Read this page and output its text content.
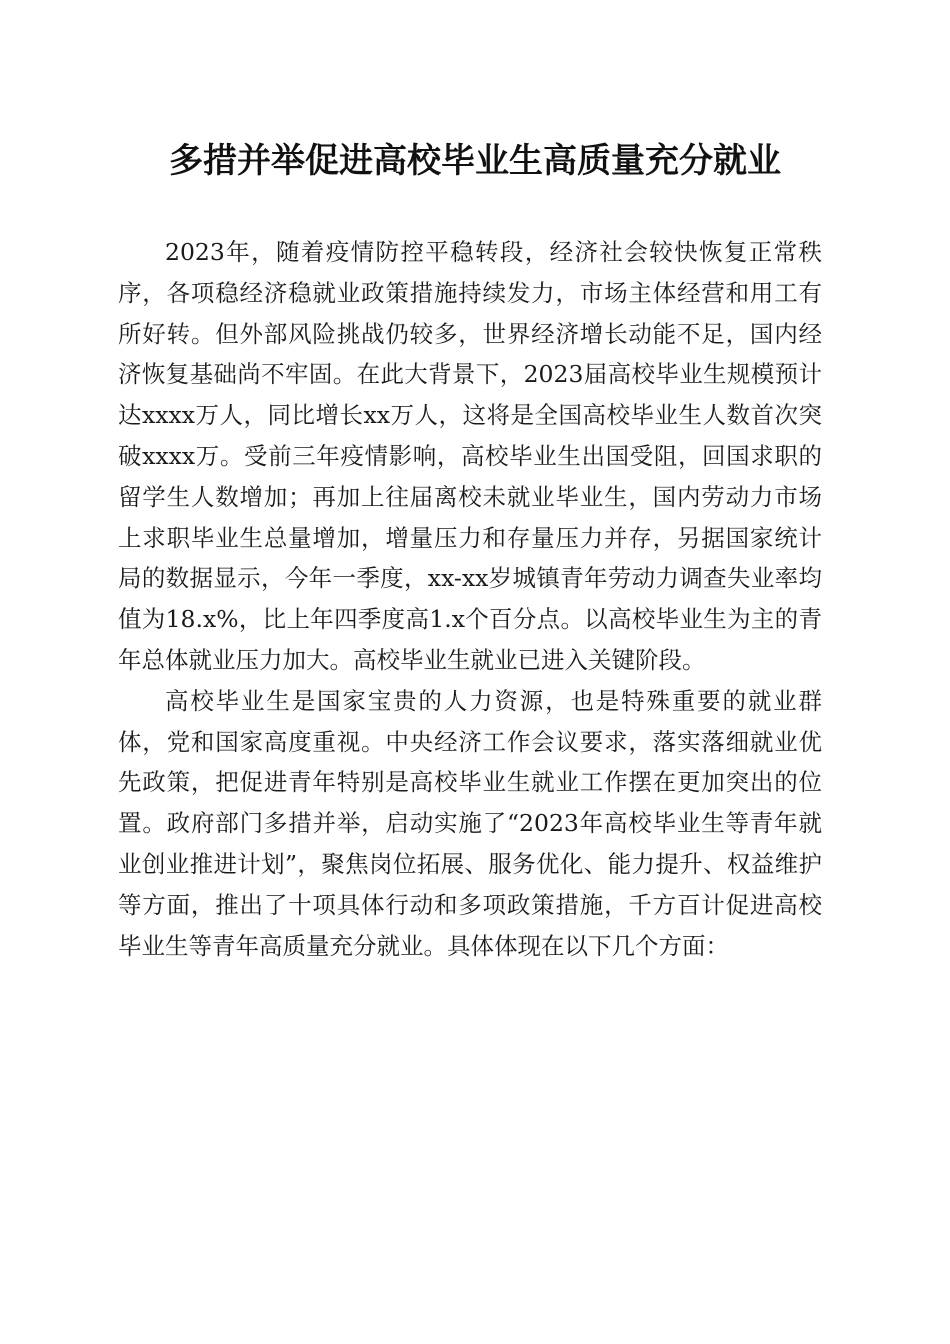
多措并举促进高校毕业生高质量充分就业

2023年，随着疫情防控平稳转段，经济社会较快恢复正常秩序，各项稳经济稳就业政策措施持续发力，市场主体经营和用工有所好转。但外部风险挑战仍较多，世界经济增长动能不足，国内经济恢复基础尚不牢固。在此大背景下，2023届高校毕业生规模预计达xxxx万人，同比增长xx万人，这将是全国高校毕业生人数首次突破xxxx万。受前三年疫情影响，高校毕业生出国受阻，回国求职的留学生人数增加；再加上往届离校未就业毕业生，国内劳动力市场上求职毕业生总量增加，增量压力和存量压力并存，另据国家统计局的数据显示，今年一季度，xx-xx岁城镇青年劳动力调查失业率均值为18.x%，比上年四季度高1.x个百分点。以高校毕业生为主的青年总体就业压力加大。高校毕业生就业已进入关键阶段。

高校毕业生是国家宝贵的人力资源，也是特殊重要的就业群体，党和国家高度重视。中央经济工作会议要求，落实落细就业优先政策，把促进青年特别是高校毕业生就业工作摆在更加突出的位置。政府部门多措并举，启动实施了“2023年高校毕业生等青年就业创业推进计划”，聚焦岗位拓展、服务优化、能力提升、权益维护等方面，推出了十项具体行动和多项政策措施，千方百计促进高校毕业生等青年高质量充分就业。具体体现在以下几个方面：
